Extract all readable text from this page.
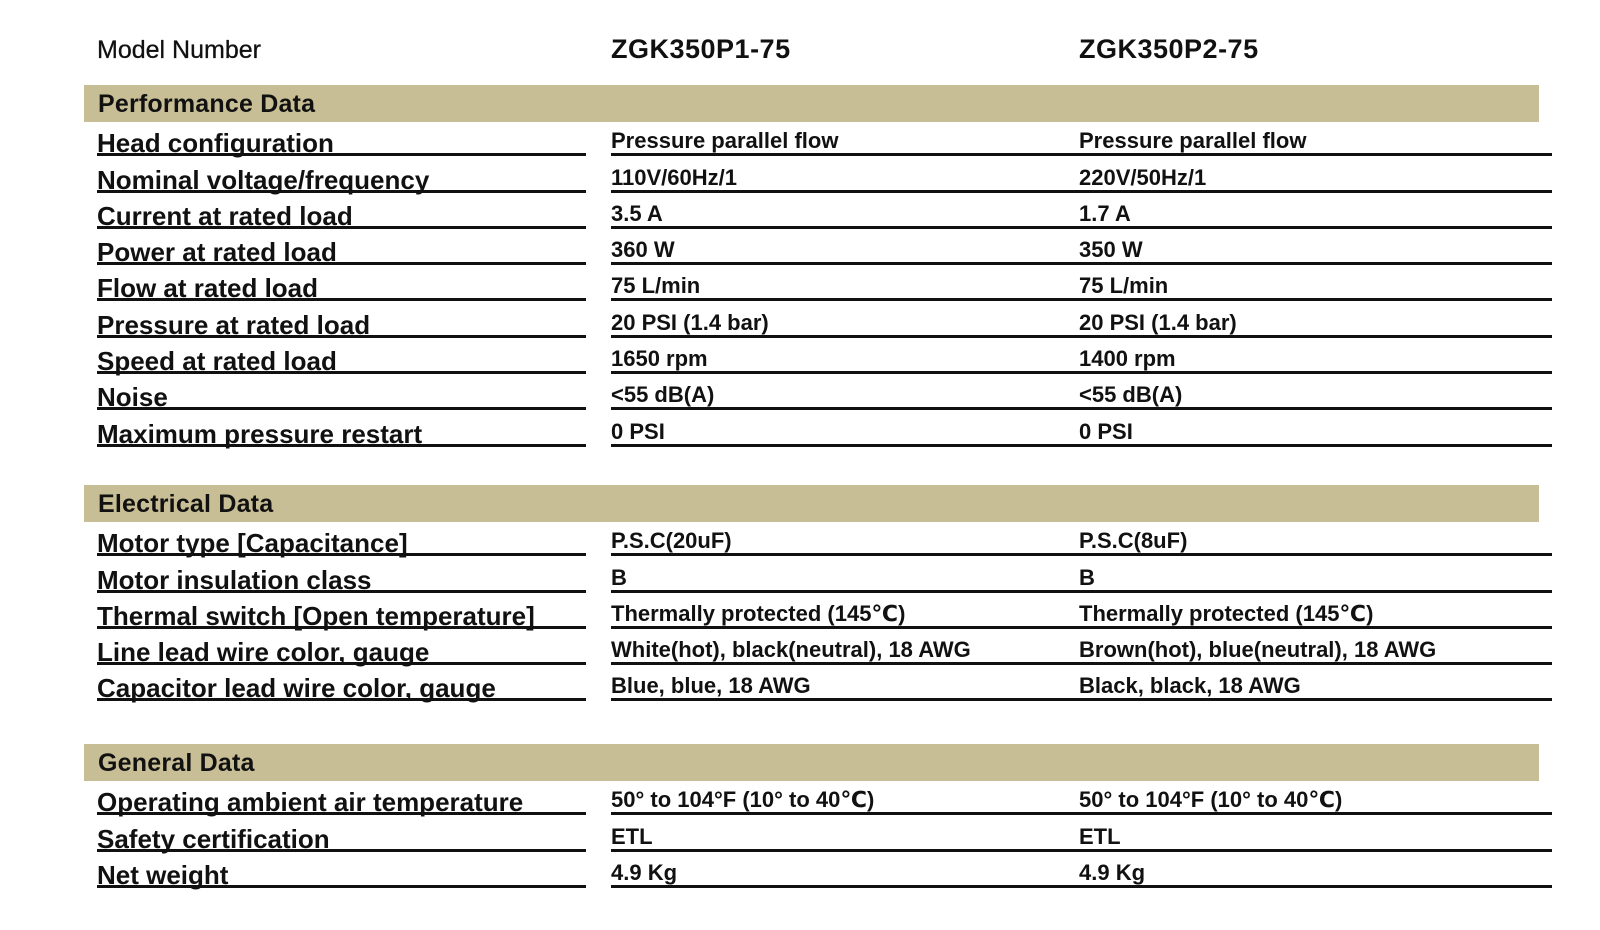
Model Number	ZGK350P1-75	ZGK350P2-75
Performance Data
Head configuration	Pressure parallel flow	Pressure parallel flow
Nominal voltage/frequency	110V/60Hz/1	220V/50Hz/1
Current at rated load	3.5 A	1.7 A
Power at rated load	360 W	350 W
Flow at rated load	75 L/min	75 L/min
Pressure at rated load	20 PSI (1.4 bar)	20 PSI (1.4 bar)
Speed at rated load	1650 rpm	1400 rpm
Noise	<55 dB(A)	<55 dB(A)
Maximum pressure restart	0 PSI	0 PSI
Electrical Data
Motor type [Capacitance]	P.S.C(20uF)	P.S.C(8uF)
Motor insulation class	B	B
Thermal switch [Open temperature]	Thermally protected (145℃)	Thermally protected (145℃)
Line lead wire color, gauge	White(hot), black(neutral), 18 AWG	Brown(hot), blue(neutral), 18 AWG
Capacitor lead wire color, gauge	Blue, blue, 18 AWG	Black, black, 18 AWG
General Data
Operating ambient air temperature	50° to 104°F (10° to 40℃)	50° to 104°F (10° to 40℃)
Safety certification	ETL	ETL
Net weight	4.9 Kg	4.9 Kg
